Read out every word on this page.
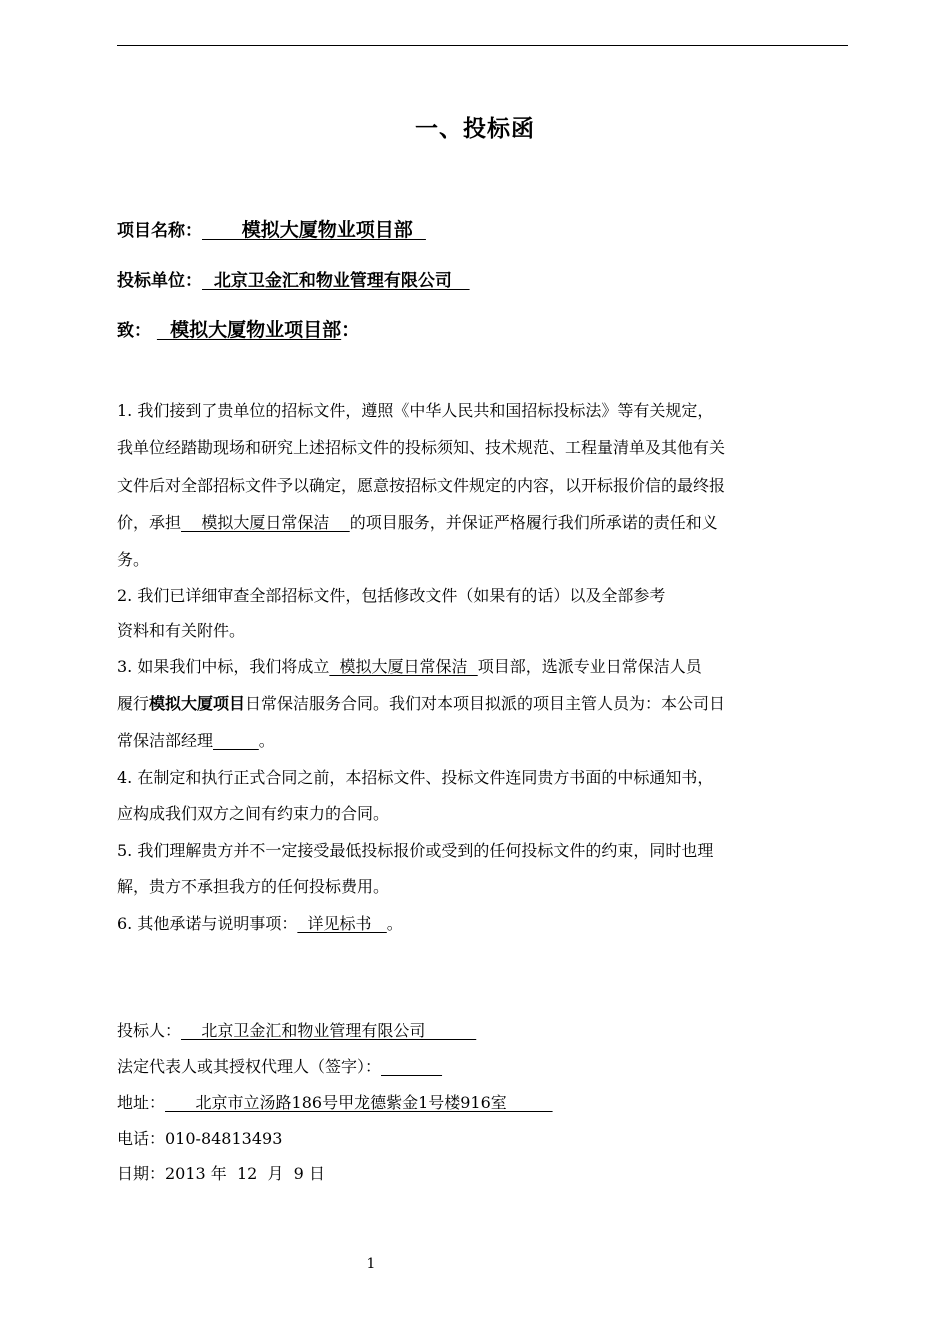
一、投标函
项目名称：      模拟大厦物业项目部
投标单位：  北京卫金汇和物业管理有限公司
致：   模拟大厦物业项目部：
1. 我们接到了贵单位的招标文件，遵照《中华人民共和国招标投标法》等有关规定，
我单位经踏勘现场和研究上述招标文件的投标须知、技术规范、工程量清单及其他有关
文件后对全部招标文件予以确定，愿意按招标文件规定的内容，以开标报价信的最终报
价，承担    模拟大厦日常保洁    的项目服务，并保证严格履行我们所承诺的责任和义
务。
2. 我们已详细审查全部招标文件，包括修改文件（如果有的话）以及全部参考
资料和有关附件。
3. 如果我们中标，我们将成立  模拟大厦日常保洁  项目部，选派专业日常保洁人员
履行模拟大厦项目日常保洁服务合同。我们对本项目拟派的项目主管人员为：本公司日
常保洁部经理	。
4. 在制定和执行正式合同之前，本招标文件、投标文件连同贵方书面的中标通知书，
应构成我们双方之间有约束力的合同。
5. 我们理解贵方并不一定接受最低投标报价或受到的任何投标文件的约束，同时也理
解，贵方不承担我方的任何投标费用。
6. 其他承诺与说明事项：  详见标书   。
投标人：    北京卫金汇和物业管理有限公司
法定代表人或其授权代理人（签字）：
地址：      北京市立汤路186号甲龙德紫金1号楼916室
电话：010-84813493
日期：2013 年  12  月  9 日
1
